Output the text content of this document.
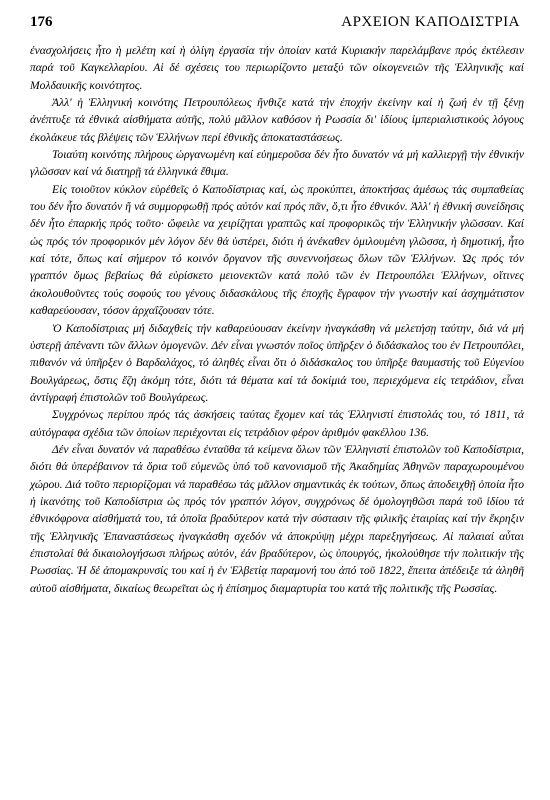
176	ΑΡΧΕΙΟΝ ΚΑΠΟΔΙΣΤΡΙΑ

ἐνασχολήσεις ἦτο ἡ μελέτη καί ἡ ὀλίγη ἐργασία τήν ὁποίαν κατά Κυριακήν παρελάμβανε πρός ἐκτέλεσιν παρά τοῦ Καγκελλαρίου. Αἱ δέ σχέσεις του περιωρίζοντο μεταξύ τῶν οἰκογενειῶν τῆς Ἑλληνικῆς καί Μολδαυικῆς κοινότητος.

Ἀλλ' ἡ Ἑλληνική κοινότης Πετρουπόλεως ἤνθιζε κατά τήν ἐποχήν ἐκείνην καί ἡ ζωή ἐν τῇ ξένῃ ἀνέπτυξε τά ἐθνικά αἰσθήματα αὐτῆς, πολύ μᾶλλον καθόσον ἡ Ρωσσία δι' ἰδίους ἰμπεριαλιστικούς λόγους ἐκολάκευε τάς βλέψεις τῶν Ἑλλήνων περί ἐθνικῆς ἀποκαταστάσεως.

Τοιαύτη κοινότης πλήρους ὡργανωμένη καί εὐημεροῦσα δέν ἦτο δυνατόν νά μή καλλιεργῇ τήν ἐθνικήν γλῶσσαν καί νά διατηρῇ τά ἑλληνικά ἔθιμα.

Εἰς τοιοῦτον κύκλον εὑρέθεῖς ὁ Καποδίστριας καί, ὡς προκύπτει, ἀποκτήσας ἀμέσως τάς συμπαθείας του δέν ἦτο δυνατόν ἤ νά συμμορφωθῇ πρός αὐτόν καί πρός πᾶν, ὅ,τι ἦτο ἐθνικόν. Ἀλλ' ἡ ἐθνική συνείδησις δέν ἦτο ἐπαρκής πρός τοῦτο· ὤφειλε να χειρίζηται γραπτῶς καί προφορικῶς τήν Ἑλληνικήν γλῶσσαν. Καί ὡς πρός τόν προφορικόν μέν λόγον δέν θά ὑστέρει, διότι ἡ ἀνέκαθεν ὁμιλουμένη γλῶσσα, ἡ δημοτική, ἦτο καί τότε, ὅπως καί σήμερον τό κοινόν ὄργανον τῆς συνεννοήσεως ὅλων τῶν Ἑλλήνων. Ὡς πρός τόν γραπτόν ὅμως βεβαίως θά εὑρίσκετο μειονεκτῶν κατά πολύ τῶν ἐν Πετρουπόλει Ἑλλήνων, οἵτινες ἀκολουθοῦντες τούς σοφούς του γένους διδασκάλους τῆς ἐποχῆς ἔγραφον τήν γνωστήν καί ἀσχημάτιστον καθαρεύουσαν, τόσον ἀρχαΐζουσαν τότε.

Ὁ Καποδίστριας μή διδαχθείς τήν καθαρεύουσαν ἐκείνην ἠναγκάσθη νά μελετήσῃ ταύτην, διά νά μή ὑστερῇ ἀπέναντι τῶν ἄλλων ὁμογενῶν. Δέν εἶναι γνωστόν ποῖος ὑπῆρξεν ὁ διδάσκαλος του ἐν Πετρουπόλει, πιθανόν νά ὑπῆρξεν ὁ Βαρδαλάχος, τό ἀληθές εἶναι ὅτι ὁ διδάσκαλος του ὑπῆρξε θαυμαστής τοῦ Εὐγενίου Βουλγάρεως, ὅστις ἔζη ἀκόμη τότε, διότι τά θέματα καί τά δοκίμιά του, περιεχόμενα εἰς τετράδιον, εἶναι ἀντίγραφή ἐπιστολῶν τοῦ Βουλγάρεως.

Συγχρόνως περίπου πρός τάς ἀσκήσεις ταύτας ἔχομεν καί τάς Ἑλληνιστί ἐπιστολάς του, τό 1811, τά αὐτόγραφα σχέδια τῶν ὁποίων περιέχονται εἰς τετράδιον φέρον ἀριθμόν φακέλλου 136.

Δέν εἶναι δυνατόν νά παραθέσω ἐνταῦθα τά κείμενα ὅλων τῶν Ἑλληνιστί ἐπιστολῶν τοῦ Καποδίστρια, διότι θά ὑπερέβαινον τά ὅρια τοῦ εὐμενῶς ὑπό τοῦ κανονισμοῦ τῆς Ἀκαδημίας Ἀθηνῶν παραχωρουμένου χώρου. Διά τοῦτο περιορίζομαι νά παραθέσω τάς μᾶλλον σημαντικάς ἐκ τούτων, ὅπως ἀποδειχθῇ ὁποία ἦτο ἡ ἱκανότης τοῦ Καποδίστρια ὡς πρός τόν γραπτόν λόγον, συγχρόνως δέ ὁμολογηθῶσι παρά τοῦ ἰδίου τά ἐθνικόφρονα αἰσθήματά του, τά ὁποῖα βραδύτερον κατά τήν σύστασιν τῆς φιλικῆς ἑταιρίας καί τήν ἔκρηξιν τῆς Ἑλληνικῆς Ἐπαναστάσεως ἠναγκάσθη σχεδόν νά ἀποκρύψῃ μέχρι παρεξηγήσεως. Αἱ παλαιαί αὗται ἐπιστολαί θά δικαιολογήσωσι πλήρως αὐτόν, ἐάν βραδύτερον, ὡς ὑπουργός, ἠκολούθησε τήν πολιτικήν τῆς Ρωσσίας. Ἡ δέ ἀπομακρυνσίς του καί ἡ ἐν Ἑλβετίᾳ παραμονή του ἀπό τοῦ 1822, ἔπειτα ἀπέδειξε τά ἀληθῆ αὐτοῦ αἰσθήματα, δικαίως θεωρεῖται ὡς ἡ ἐπίσημος διαμαρτυρία του κατά τῆς πολιτικῆς τῆς Ρωσσίας.
